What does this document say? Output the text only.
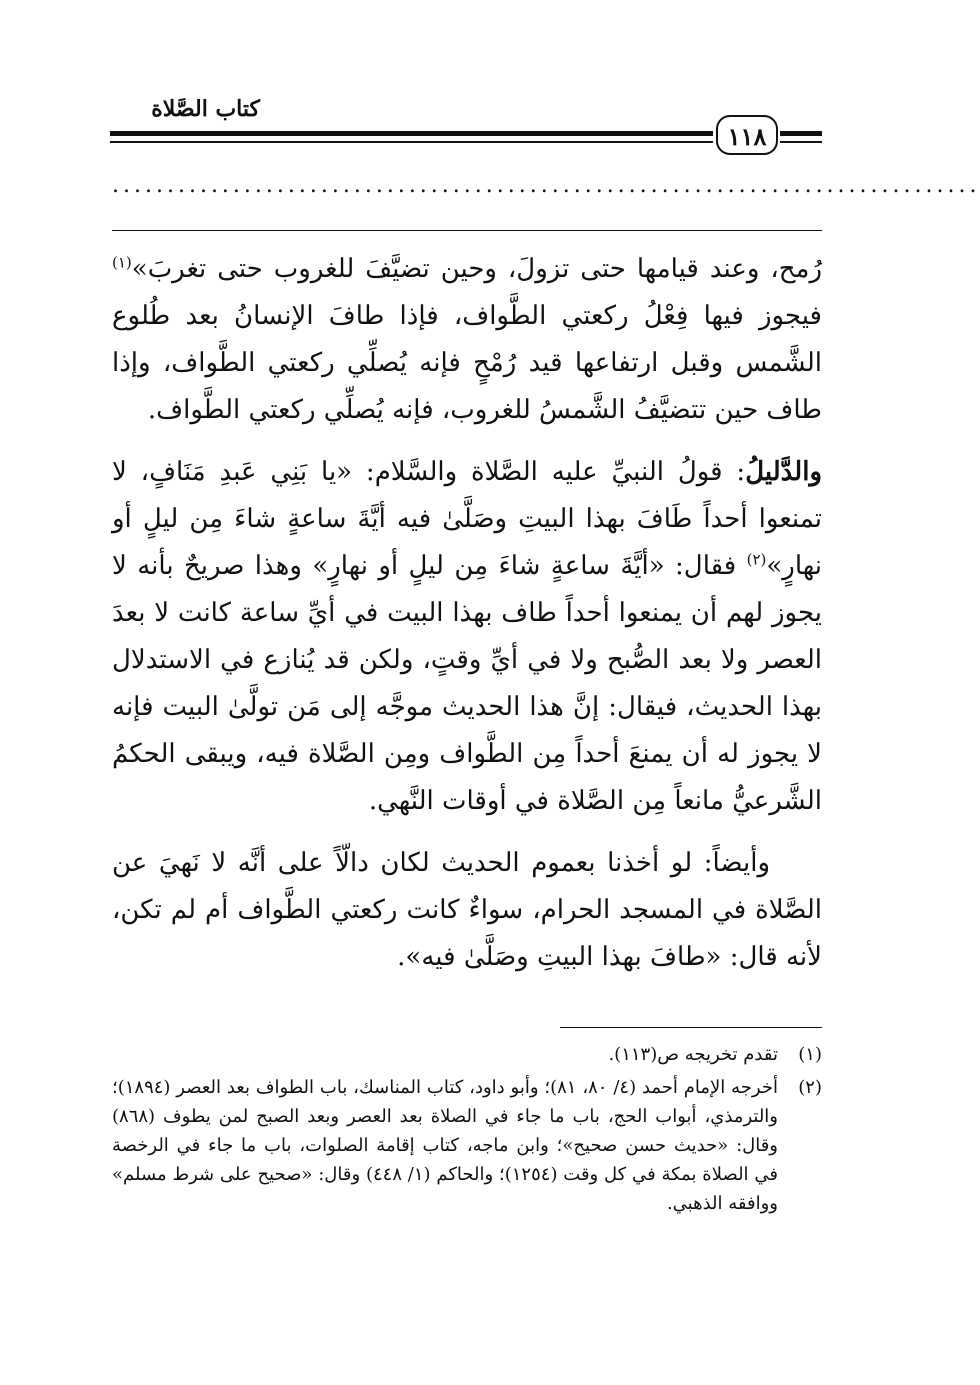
كتاب الصَّلاة
١١٨
...............................................................................

رُمح، وعند قيامها حتى تزولَ، وحين تضيَّفَ للغروب حتى تغربَ»$^{(١)}$ فيجوز فيها فِعْلُ ركعتي الطَّواف، فإذا طافَ الإنسانُ بعد طُلوع الشَّمس وقبل ارتفاعها قيد رُمْحٍ فإنه يُصلِّي ركعتي الطَّواف، وإذا طاف حين تتضيَّفُ الشَّمسُ للغروب، فإنه يُصلِّي ركعتي الطَّواف.

والدَّليلُ: قولُ النبيِّ عليه الصَّلاة والسَّلام: «يا بَنِي عَبدِ مَنَافٍ، لا تمنعوا أحداً طَافَ بهذا البيتِ وصَلَّىٰ فيه أيَّةَ ساعةٍ شاءَ مِن ليلٍ أو نهارٍ»$^{(٢)}$ فقال: «أيَّةَ ساعةٍ شاءَ مِن ليلٍ أو نهارٍ» وهذا صريحٌ بأنه لا يجوز لهم أن يمنعوا أحداً طاف بهذا البيت في أيِّ ساعة كانت لا بعدَ العصر ولا بعد الصُّبح ولا في أيِّ وقتٍ، ولكن قد يُنازع في الاستدلال بهذا الحديث، فيقال: إنَّ هذا الحديث موجَّه إلى مَن تولَّىٰ البيت فإنه لا يجوز له أن يمنعَ أحداً مِن الطَّواف ومِن الصَّلاة فيه، ويبقى الحكمُ الشَّرعيُّ مانعاً مِن الصَّلاة في أوقات النَّهي.

وأيضاً: لو أخذنا بعموم الحديث لكان دالّاً على أنَّه لا نَهيَ عن الصَّلاة في المسجد الحرام، سواءٌ كانت ركعتي الطَّواف أم لم تكن، لأنه قال: «طافَ بهذا البيتِ وصَلَّىٰ فيه».

(١)
تقدم تخريجه ص(١١٣).
(٢)
أخرجه الإمام أحمد (٤/ ٨٠، ٨١)؛ وأبو داود، كتاب المناسك، باب الطواف بعد العصر (١٨٩٤)؛ والترمذي، أبواب الحج، باب ما جاء في الصلاة بعد العصر وبعد الصبح لمن يطوف (٨٦٨) وقال: «حديث حسن صحيح»؛ وابن ماجه، كتاب إقامة الصلوات، باب ما جاء في الرخصة في الصلاة بمكة في كل وقت (١٢٥٤)؛ والحاكم (١/ ٤٤٨) وقال: «صحيح على شرط مسلم» ووافقه الذهبي.
